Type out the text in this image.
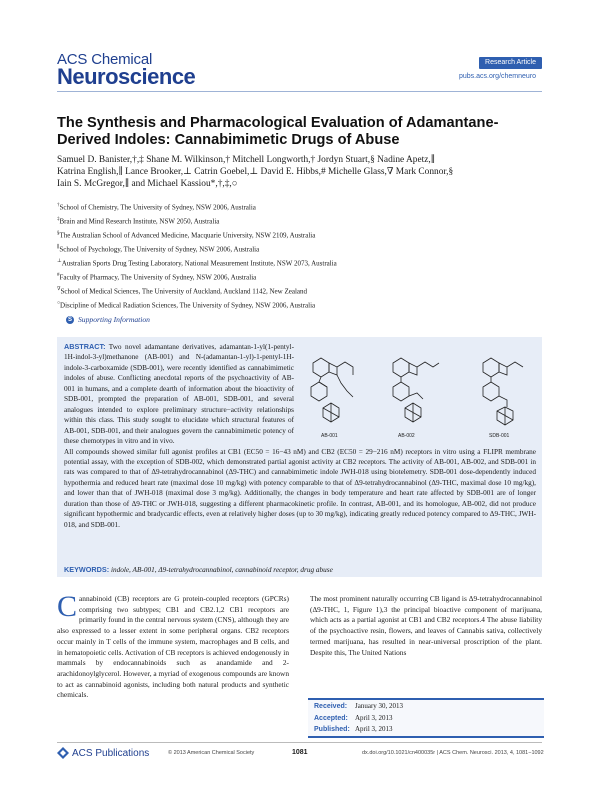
ACS Chemical
Neuroscience
Research Article
pubs.acs.org/chemneuro
The Synthesis and Pharmacological Evaluation of Adamantane-Derived Indoles: Cannabimimetic Drugs of Abuse
Samuel D. Banister,†,‡ Shane M. Wilkinson,† Mitchell Longworth,† Jordyn Stuart,§ Nadine Apetz,∥
Katrina English,∥ Lance Brooker,⊥ Catrin Goebel,⊥ David E. Hibbs,# Michelle Glass,∇ Mark Connor,§
Iain S. McGregor,∥ and Michael Kassiou*,†,‡,○
†School of Chemistry, The University of Sydney, NSW 2006, Australia
‡Brain and Mind Research Institute, NSW 2050, Australia
§The Australian School of Advanced Medicine, Macquarie University, NSW 2109, Australia
∥School of Psychology, The University of Sydney, NSW 2006, Australia
⊥Australian Sports Drug Testing Laboratory, National Measurement Institute, NSW 2073, Australia
#Faculty of Pharmacy, The University of Sydney, NSW 2006, Australia
∇School of Medical Sciences, The University of Auckland, Auckland 1142, New Zealand
○Discipline of Medical Radiation Sciences, The University of Sydney, NSW 2006, Australia
S Supporting Information
ABSTRACT: Two novel adamantane derivatives, adamantan-1-yl(1-pentyl-1H-indol-3-yl)methanone (AB-001) and N-(adamantan-1-yl)-1-pentyl-1H-indole-3-carboxamide (SDB-001), were recently identified as cannabimimetic indoles of abuse. Conflicting anecdotal reports of the psychoactivity of AB-001 in humans, and a complete dearth of information about the bioactivity of SDB-001, prompted the preparation of AB-001, SDB-001, and several analogues intended to explore preliminary structure−activity relationships within this class. This study sought to elucidate which structural features of AB-001, SDB-001, and their analogues govern the cannabimimetic potency of these chemotypes in vitro and in vivo.
All compounds showed similar full agonist profiles at CB1 (EC50 = 16−43 nM) and CB2 (EC50 = 29−216 nM) receptors in vitro using a FLIPR membrane potential assay, with the exception of SDB-002, which demonstrated partial agonist activity at CB2 receptors. The activity of AB-001, AB-002, and SDB-001 in rats was compared to that of Δ9-tetrahydrocannabinol (Δ9-THC) and cannabimimetic indole JWH-018 using biotelemetry. SDB-001 dose-dependently induced hypothermia and reduced heart rate (maximal dose 10 mg/kg) with potency comparable to that of Δ9-tetrahydrocannabinol (Δ9-THC, maximal dose 10 mg/kg), and lower than that of JWH-018 (maximal dose 3 mg/kg). Additionally, the changes in body temperature and heart rate affected by SDB-001 are of longer duration than those of Δ9-THC or JWH-018, suggesting a different pharmacokinetic profile. In contrast, AB-001, and its homologue, AB-002, did not produce significant hypothermic and bradycardic effects, even at relatively higher doses (up to 30 mg/kg), indicating greatly reduced potency compared to Δ9-THC, JWH-018, and SDB-001.
KEYWORDS: indole, AB-001, Δ9-tetrahydrocannabinol, cannabinoid receptor, drug abuse
AB-001	AB-002	SDB-001
Cannabinoid (CB) receptors are G protein-coupled receptors (GPCRs) comprising two subtypes; CB1 and CB2.1,2 CB1 receptors are primarily found in the central nervous system (CNS), although they are also expressed to a lesser extent in some peripheral organs. CB2 receptors occur mainly in T cells of the immune system, macrophages and B cells, and in hematopoietic cells. Activation of CB receptors is achieved endogenously in mammals by endocannabinoids such as anandamide and 2-arachidonoylglycerol. However, a myriad of exogenous compounds are known to act as cannabinoid agonists, including both natural products and synthetic chemicals.
The most prominent naturally occurring CB ligand is Δ9-tetrahydrocannabinol (Δ9-THC, 1, Figure 1),3 the principal bioactive component of marijuana, which acts as a partial agonist at CB1 and CB2 receptors.4 The abuse liability of the psychoactive resin, flowers, and leaves of Cannabis sativa, collectively termed marijuana, has resulted in near-universal proscription of the plant. Despite this, The United Nations
Received: January 30, 2013
Accepted: April 3, 2013
Published: April 3, 2013
ACS Publications	© 2013 American Chemical Society	1081	dx.doi.org/10.1021/cn400035r | ACS Chem. Neurosci. 2013, 4, 1081−1092
